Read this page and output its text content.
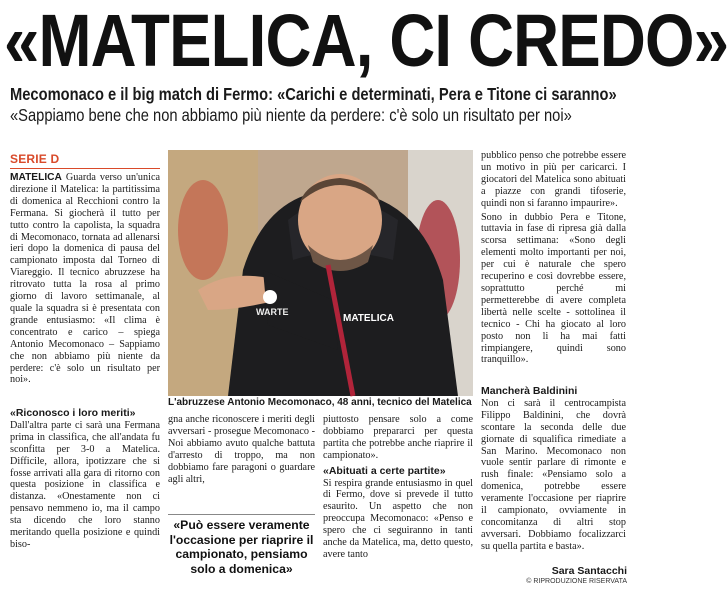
«MATELICA, CI CREDO»
Mecomonaco e il big match di Fermo: «Carichi e determinati, Pera e Titone ci saranno»
«Sappiamo bene che non abbiamo più niente da perdere: c'è solo un risultato per noi»
SERIE D

MATELICA Guarda verso un'unica direzione il Matelica: la partitissima di domenica al Recchioni contro la Fermana. Si giocherà il tutto per tutto contro la capolista, la squadra di Mecomonaco, tornata ad allenarsi ieri dopo la domenica di pausa del campionato imposta dal Torneo di Viareggio. Il tecnico abruzzese ha ritrovato tutta la rosa al primo giorno di lavoro settimanale, al quale la squadra si è presentata con grande entusiasmo: «Il clima è concentrato e carico – spiega Antonio Mecomonaco – Sappiamo che non abbiamo più niente da perdere: c'è solo un risultato per noi».

«Riconosco i loro meriti»

Dall'altra parte ci sarà una Fermana prima in classifica, che all'andata fu sconfitta per 3-0 a Matelica. Difficile, allora, ipotizzare che si fosse arrivati alla gara di ritorno con questa posizione in classifica e distanza. «Onestamente non ci pensavo nemmeno io, ma il campo sta dicendo che loro stanno meritando quella posizione e quindi biso-

MATELICA
WARTE
L'abruzzese Antonio Mecomonaco, 48 anni, tecnico del Matelica

gna anche riconoscere i meriti degli avversari - prosegue Mecomonaco - Noi abbiamo avuto qualche battuta d'arresto di troppo, ma non dobbiamo fare paragoni o guardare agli altri,

«Può essere veramente l'occasione per riaprire il campionato, pensiamo solo a domenica»

piuttosto pensare solo a come dobbiamo prepararci per questa partita che potrebbe anche riaprire il campionato».

«Abituati a certe partite»

Si respira grande entusiasmo in quel di Fermo, dove si prevede il tutto esaurito. Un aspetto che non preoccupa Mecomonaco: «Penso e spero che ci seguiranno in tanti anche da Matelica, ma, detto questo, avere tanto

pubblico penso che potrebbe essere un motivo in più per caricarci. I giocatori del Matelica sono abituati a piazze con grandi tifoserie, quindi non si faranno impaurire».

Sono in dubbio Pera e Titone, tuttavia in fase di ripresa già dalla scorsa settimana: «Sono degli elementi molto importanti per noi, per cui è naturale che spero recuperino e così dovrebbe essere, soprattutto perché mi permetterebbe di avere completa libertà nelle scelte - sottolinea il tecnico - Chi ha giocato al loro posto non li ha mai fatti rimpiangere, quindi sono tranquillo».

Mancherà Baldinini

Non ci sarà il centrocampista Filippo Baldinini, che dovrà scontare la seconda delle due giornate di squalifica rimediate a San Marino. Mecomonaco non vuole sentir parlare di rimonte e rush finale: «Pensiamo solo a domenica, potrebbe essere veramente l'occasione per riaprire il campionato, ovviamente in concomitanza di altri stop avversari. Dobbiamo focalizzarci su quella partita e basta».

Sara Santacchi
© RIPRODUZIONE RISERVATA
